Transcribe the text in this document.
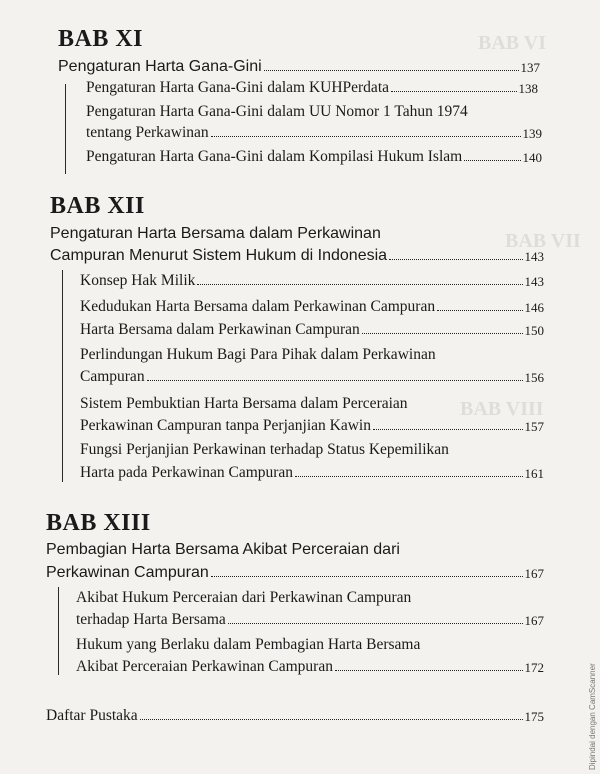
BAB VI
BAB VII
BAB VIII
BAB XI
Pengaturan Harta Gana-Gini	137
Pengaturan Harta Gana-Gini dalam KUHPerdata	138
Pengaturan Harta Gana-Gini dalam UU Nomor 1 Tahun 1974
tentang Perkawinan	139
Pengaturan Harta Gana-Gini dalam Kompilasi Hukum Islam	140
BAB XII
Pengaturan Harta Bersama dalam Perkawinan
Campuran Menurut Sistem Hukum di Indonesia	143
Konsep Hak Milik	143
Kedudukan Harta Bersama dalam Perkawinan Campuran	146
Harta Bersama dalam Perkawinan Campuran	150
Perlindungan Hukum Bagi Para Pihak dalam Perkawinan
Campuran	156
Sistem Pembuktian Harta Bersama dalam Perceraian
Perkawinan Campuran tanpa Perjanjian Kawin	157
Fungsi Perjanjian Perkawinan terhadap Status Kepemilikan
Harta pada Perkawinan Campuran	161
BAB XIII
Pembagian Harta Bersama Akibat Perceraian dari
Perkawinan Campuran	167
Akibat Hukum Perceraian dari Perkawinan Campuran
terhadap Harta Bersama	167
Hukum yang Berlaku dalam Pembagian Harta Bersama
Akibat Perceraian Perkawinan Campuran	172
Daftar Pustaka	175	Dipindai dengan CamScanner
